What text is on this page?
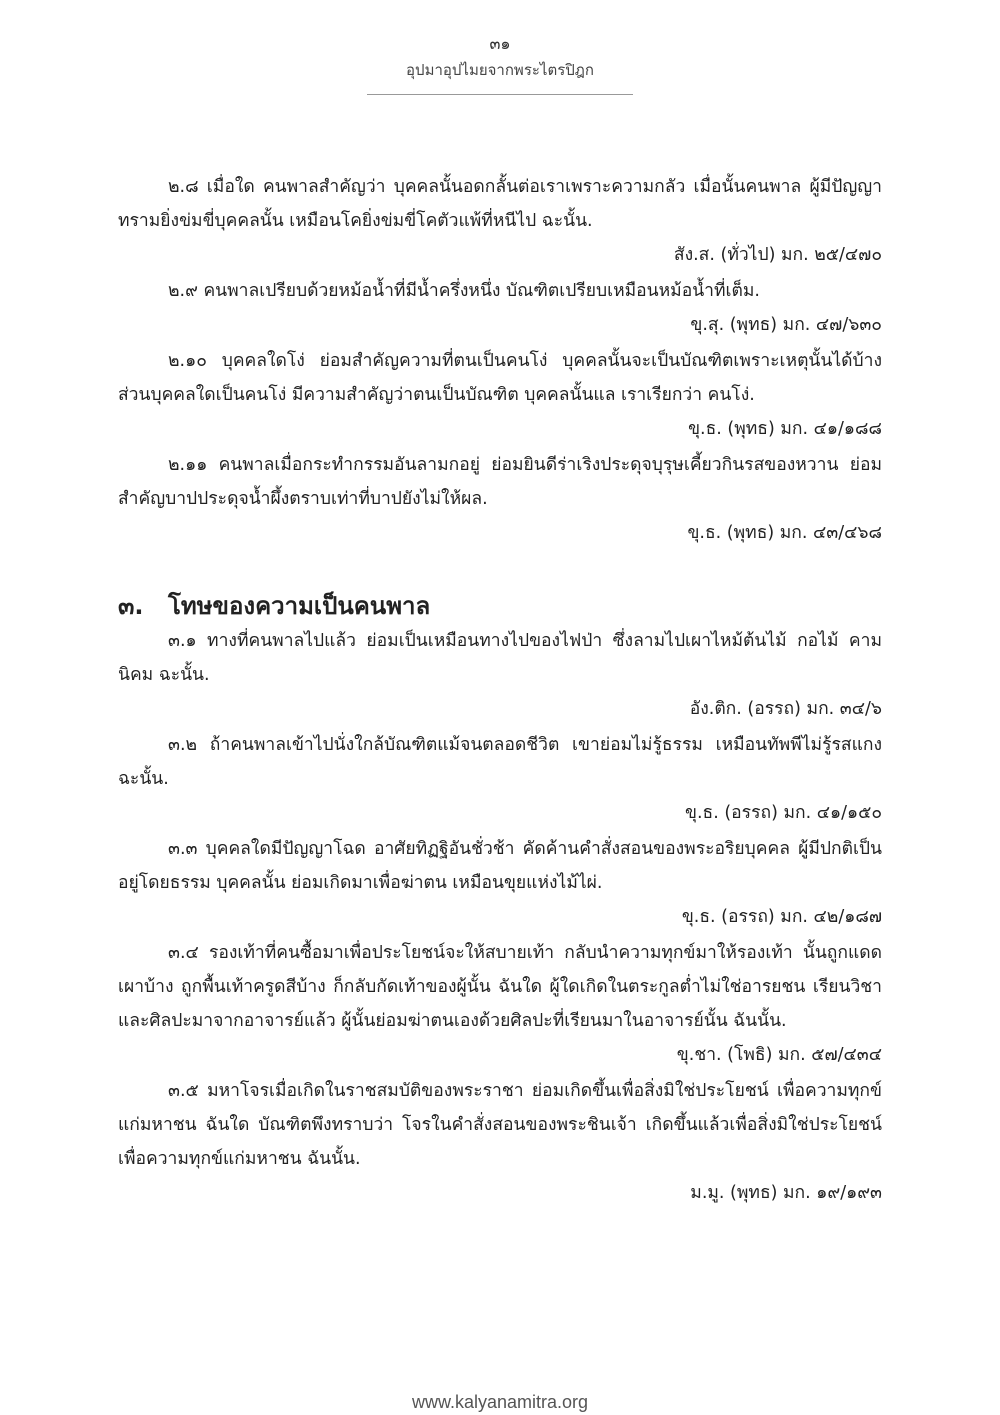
๓๑
อุปมาอุปไมยจากพระไตรปิฎก

๒.๘ เมื่อใด คนพาลสำคัญว่า บุคคลนั้นอดกลั้นต่อเราเพราะความกลัว เมื่อนั้นคนพาล ผู้มีปัญญาทรามยิ่งข่มขี่บุคคลนั้น เหมือนโคยิ่งข่มขี่โคตัวแพ้ที่หนีไป ฉะนั้น.

สัง.ส. (ทั่วไป) มก. ๒๕/๔๗๐

๒.๙ คนพาลเปรียบด้วยหม้อน้ำที่มีน้ำครึ่งหนึ่ง บัณฑิตเปรียบเหมือนหม้อน้ำที่เต็ม.

ขุ.สุ. (พุทธ) มก. ๔๗/๖๓๐

๒.๑๐ บุคคลใดโง่ ย่อมสำคัญความที่ตนเป็นคนโง่ บุคคลนั้นจะเป็นบัณฑิตเพราะเหตุนั้นได้บ้าง ส่วนบุคคลใดเป็นคนโง่ มีความสำคัญว่าตนเป็นบัณฑิต บุคคลนั้นแล เราเรียกว่า คนโง่.

ขุ.ธ. (พุทธ) มก. ๔๑/๑๘๘

๒.๑๑ คนพาลเมื่อกระทำกรรมอันลามกอยู่ ย่อมยินดีร่าเริงประดุจบุรุษเคี้ยวกินรสของหวาน ย่อมสำคัญบาปประดุจน้ำผึ้งตราบเท่าที่บาปยังไม่ให้ผล.

ขุ.ธ. (พุทธ) มก. ๔๓/๔๖๘

๓.	โทษของความเป็นคนพาล

๓.๑ ทางที่คนพาลไปแล้ว ย่อมเป็นเหมือนทางไปของไฟป่า ซึ่งลามไปเผาไหม้ต้นไม้ กอไม้ คามนิคม ฉะนั้น.

อัง.ติก. (อรรถ) มก. ๓๔/๖

๓.๒ ถ้าคนพาลเข้าไปนั่งใกล้บัณฑิตแม้จนตลอดชีวิต เขาย่อมไม่รู้ธรรม เหมือนทัพพีไม่รู้รสแกง ฉะนั้น.

ขุ.ธ. (อรรถ) มก. ๔๑/๑๕๐

๓.๓ บุคคลใดมีปัญญาโฉด อาศัยทิฏฐิอันชั่วช้า คัดค้านคำสั่งสอนของพระอริยบุคคล ผู้มีปกติเป็นอยู่โดยธรรม บุคคลนั้น ย่อมเกิดมาเพื่อฆ่าตน เหมือนขุยแห่งไม้ไผ่.

ขุ.ธ. (อรรถ) มก. ๔๒/๑๘๗

๓.๔ รองเท้าที่คนซื้อมาเพื่อประโยชน์จะให้สบายเท้า กลับนำความทุกข์มาให้รองเท้า นั้นถูกแดดเผาบ้าง ถูกพื้นเท้าครูดสีบ้าง ก็กลับกัดเท้าของผู้นั้น ฉันใด ผู้ใดเกิดในตระกูลต่ำไม่ใช่อารยชน เรียนวิชา และศิลปะมาจากอาจารย์แล้ว ผู้นั้นย่อมฆ่าตนเองด้วยศิลปะที่เรียนมาในอาจารย์นั้น ฉันนั้น.

ขุ.ชา. (โพธิ) มก. ๕๗/๔๓๔

๓.๕ มหาโจรเมื่อเกิดในราชสมบัติของพระราชา ย่อมเกิดขึ้นเพื่อสิ่งมิใช่ประโยชน์ เพื่อความทุกข์แก่มหาชน ฉันใด บัณฑิตพึงทราบว่า โจรในคำสั่งสอนของพระชินเจ้า เกิดขึ้นแล้วเพื่อสิ่งมิใช่ประโยชน์ เพื่อความทุกข์แก่มหาชน ฉันนั้น.

ม.มู. (พุทธ) มก. ๑๙/๑๙๓

www.kalyanamitra.org
